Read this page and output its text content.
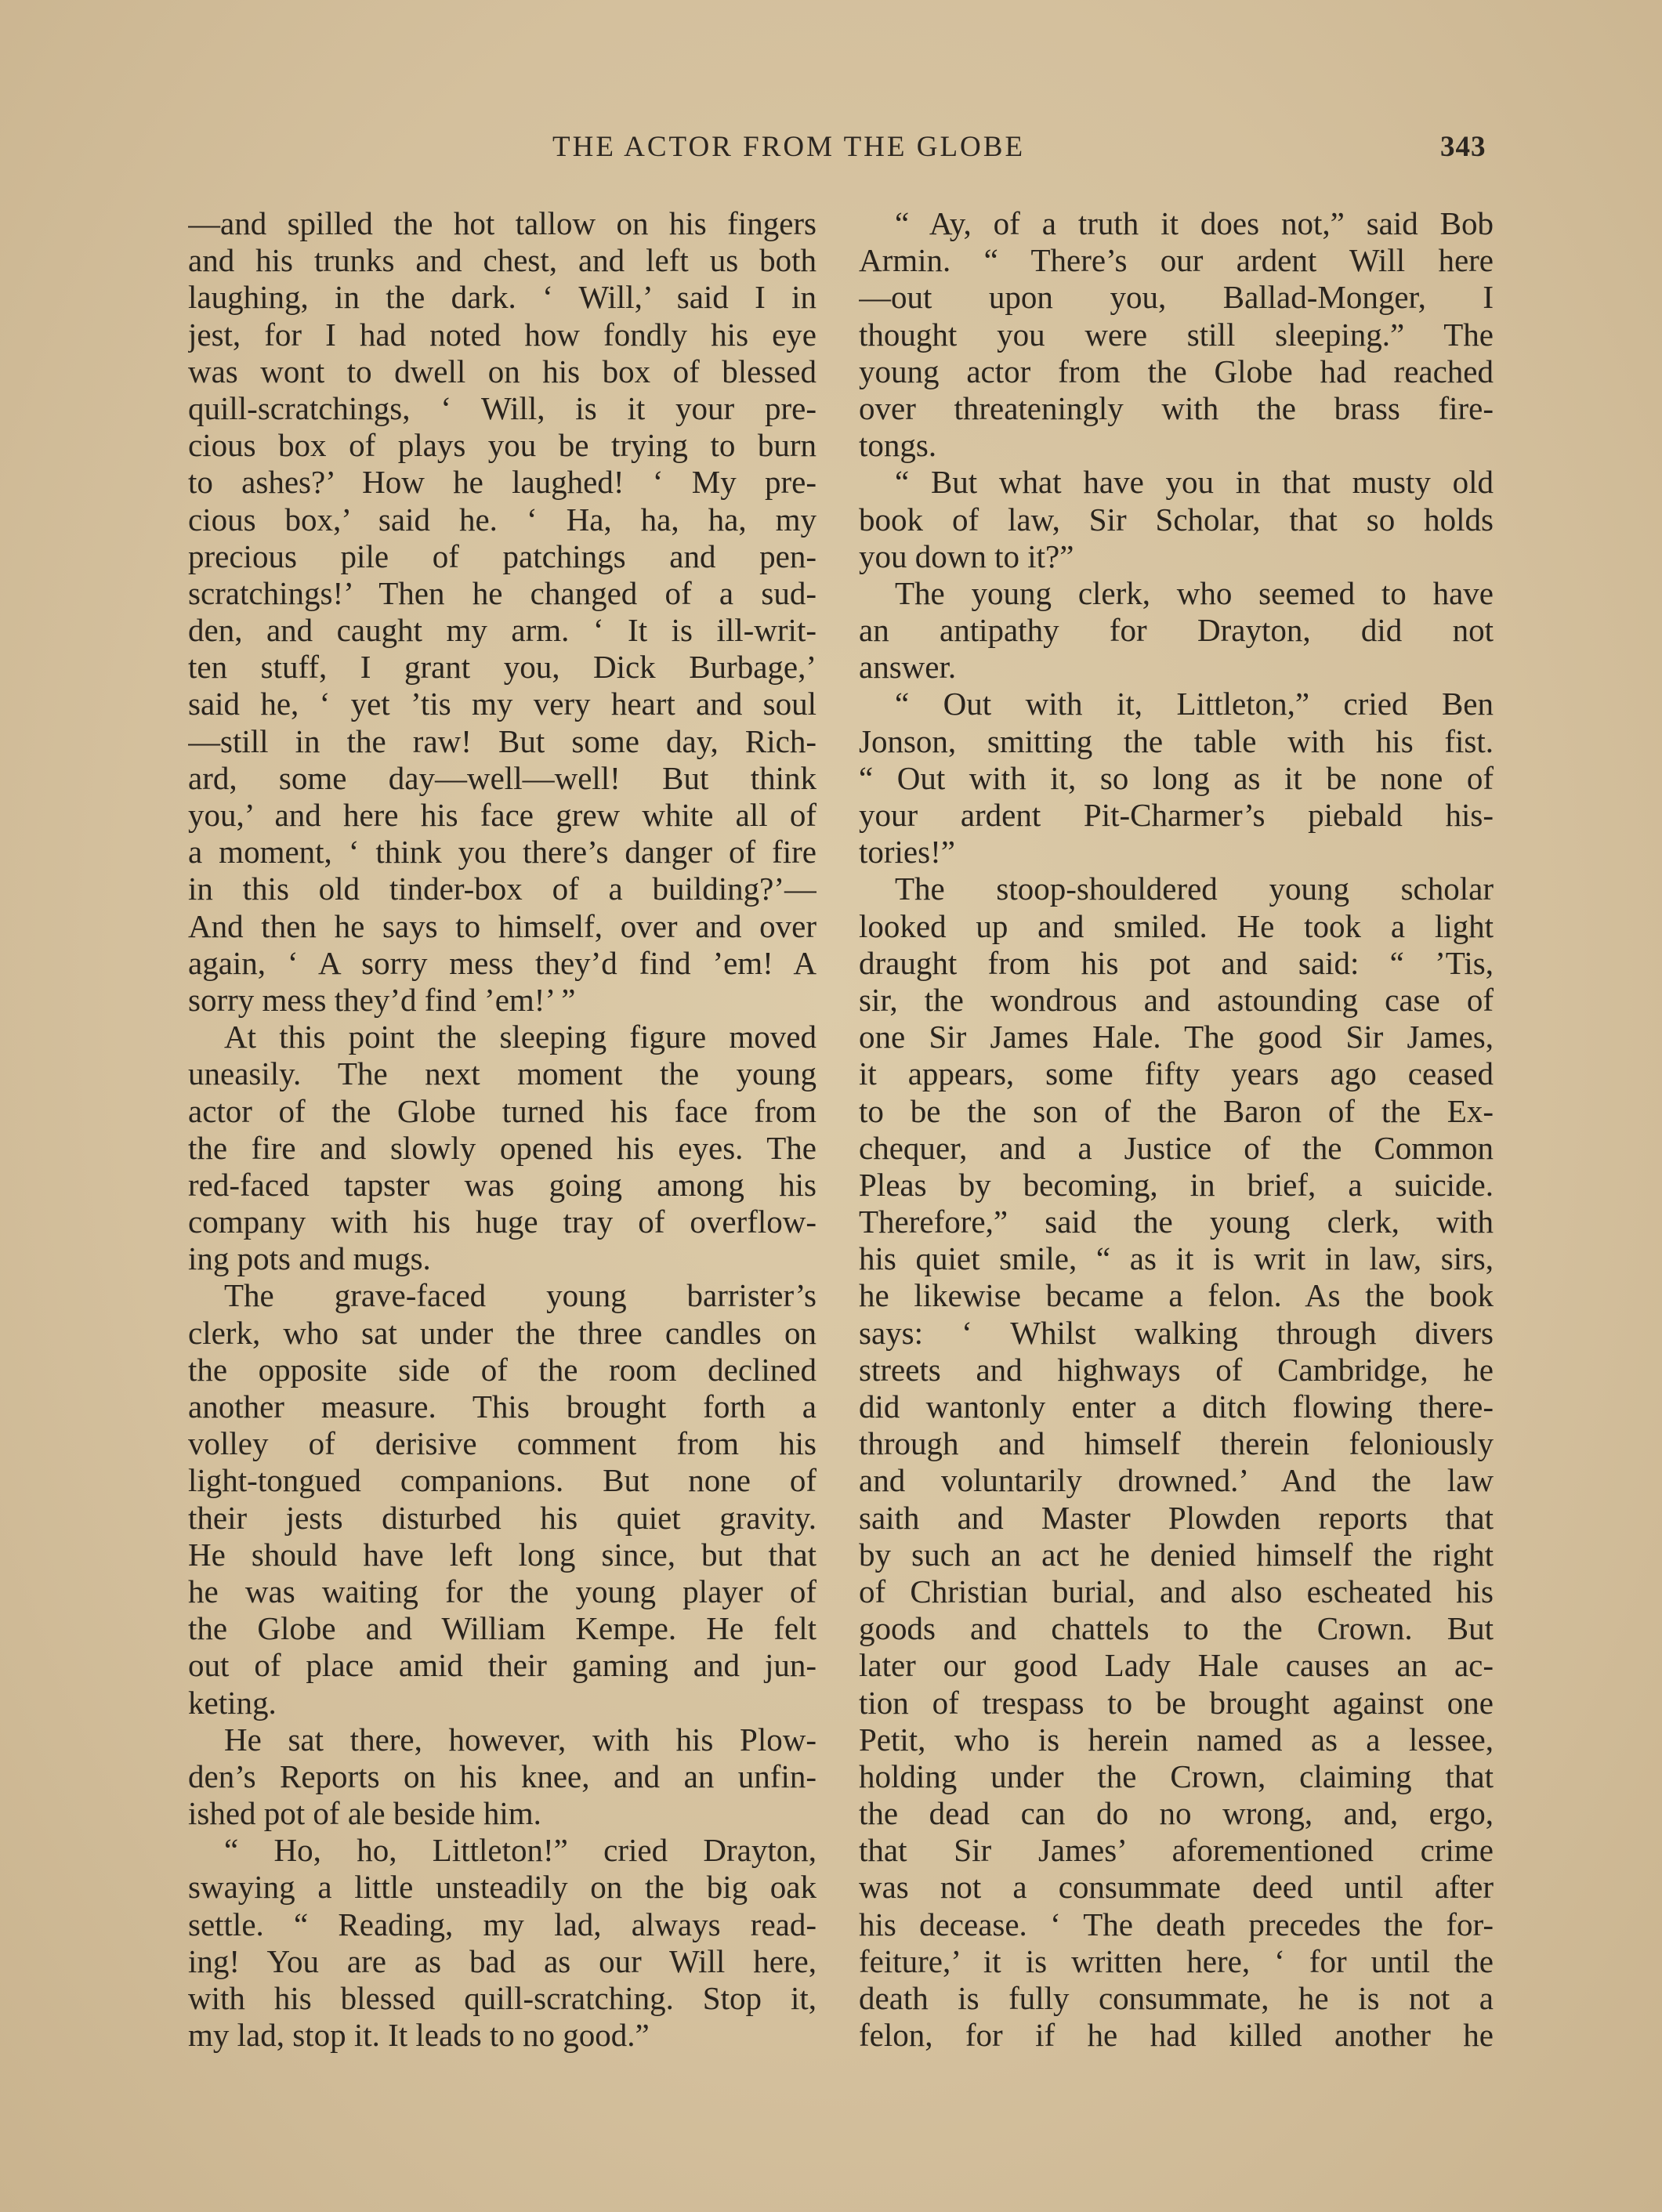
THE ACTOR FROM THE GLOBE	343
—and spilled the hot tallow on his fingers
and his trunks and chest, and left us both
laughing, in the dark. ‘ Will,’ said I in
jest, for I had noted how fondly his eye
was wont to dwell on his box of blessed
quill-scratchings, ‘ Will, is it your pre-
cious box of plays you be trying to burn
to ashes?’ How he laughed! ‘ My pre-
cious box,’ said he. ‘ Ha, ha, ha, my
precious pile of patchings and pen-
scratchings!’ Then he changed of a sud-
den, and caught my arm. ‘ It is ill-writ-
ten stuff, I grant you, Dick Burbage,’
said he, ‘ yet ’tis my very heart and soul
—still in the raw! But some day, Rich-
ard, some day—well—well! But think
you,’ and here his face grew white all of
a moment, ‘ think you there’s danger of fire
in this old tinder-box of a building?’—
And then he says to himself, over and over
again, ‘ A sorry mess they’d find ’em! A
sorry mess they’d find ’em!’ ”
At this point the sleeping figure moved
uneasily. The next moment the young
actor of the Globe turned his face from
the fire and slowly opened his eyes. The
red-faced tapster was going among his
company with his huge tray of overflow-
ing pots and mugs.
The grave-faced young barrister’s
clerk, who sat under the three candles on
the opposite side of the room declined
another measure. This brought forth a
volley of derisive comment from his
light-tongued companions. But none of
their jests disturbed his quiet gravity.
He should have left long since, but that
he was waiting for the young player of
the Globe and William Kempe. He felt
out of place amid their gaming and jun-
keting.
He sat there, however, with his Plow-
den’s Reports on his knee, and an unfin-
ished pot of ale beside him.
“ Ho, ho, Littleton!” cried Drayton,
swaying a little unsteadily on the big oak
settle. “ Reading, my lad, always read-
ing! You are as bad as our Will here,
with his blessed quill-scratching. Stop it,
my lad, stop it. It leads to no good.”
“ Ay, of a truth it does not,” said Bob
Armin. “ There’s our ardent Will here
—out upon you, Ballad-Monger, I
thought you were still sleeping.” The
young actor from the Globe had reached
over threateningly with the brass fire-
tongs.
“ But what have you in that musty old
book of law, Sir Scholar, that so holds
you down to it?”
The young clerk, who seemed to have
an antipathy for Drayton, did not
answer.
“ Out with it, Littleton,” cried Ben
Jonson, smitting the table with his fist.
“ Out with it, so long as it be none of
your ardent Pit-Charmer’s piebald his-
tories!”
The stoop-shouldered young scholar
looked up and smiled. He took a light
draught from his pot and said: “ ’Tis,
sir, the wondrous and astounding case of
one Sir James Hale. The good Sir James,
it appears, some fifty years ago ceased
to be the son of the Baron of the Ex-
chequer, and a Justice of the Common
Pleas by becoming, in brief, a suicide.
Therefore,” said the young clerk, with
his quiet smile, “ as it is writ in law, sirs,
he likewise became a felon. As the book
says: ‘ Whilst walking through divers
streets and highways of Cambridge, he
did wantonly enter a ditch flowing there-
through and himself therein feloniously
and voluntarily drowned.’ And the law
saith and Master Plowden reports that
by such an act he denied himself the right
of Christian burial, and also escheated his
goods and chattels to the Crown. But
later our good Lady Hale causes an ac-
tion of trespass to be brought against one
Petit, who is herein named as a lessee,
holding under the Crown, claiming that
the dead can do no wrong, and, ergo,
that Sir James’ aforementioned crime
was not a consummate deed until after
his decease. ‘ The death precedes the for-
feiture,’ it is written here, ‘ for until the
death is fully consummate, he is not a
felon, for if he had killed another he
